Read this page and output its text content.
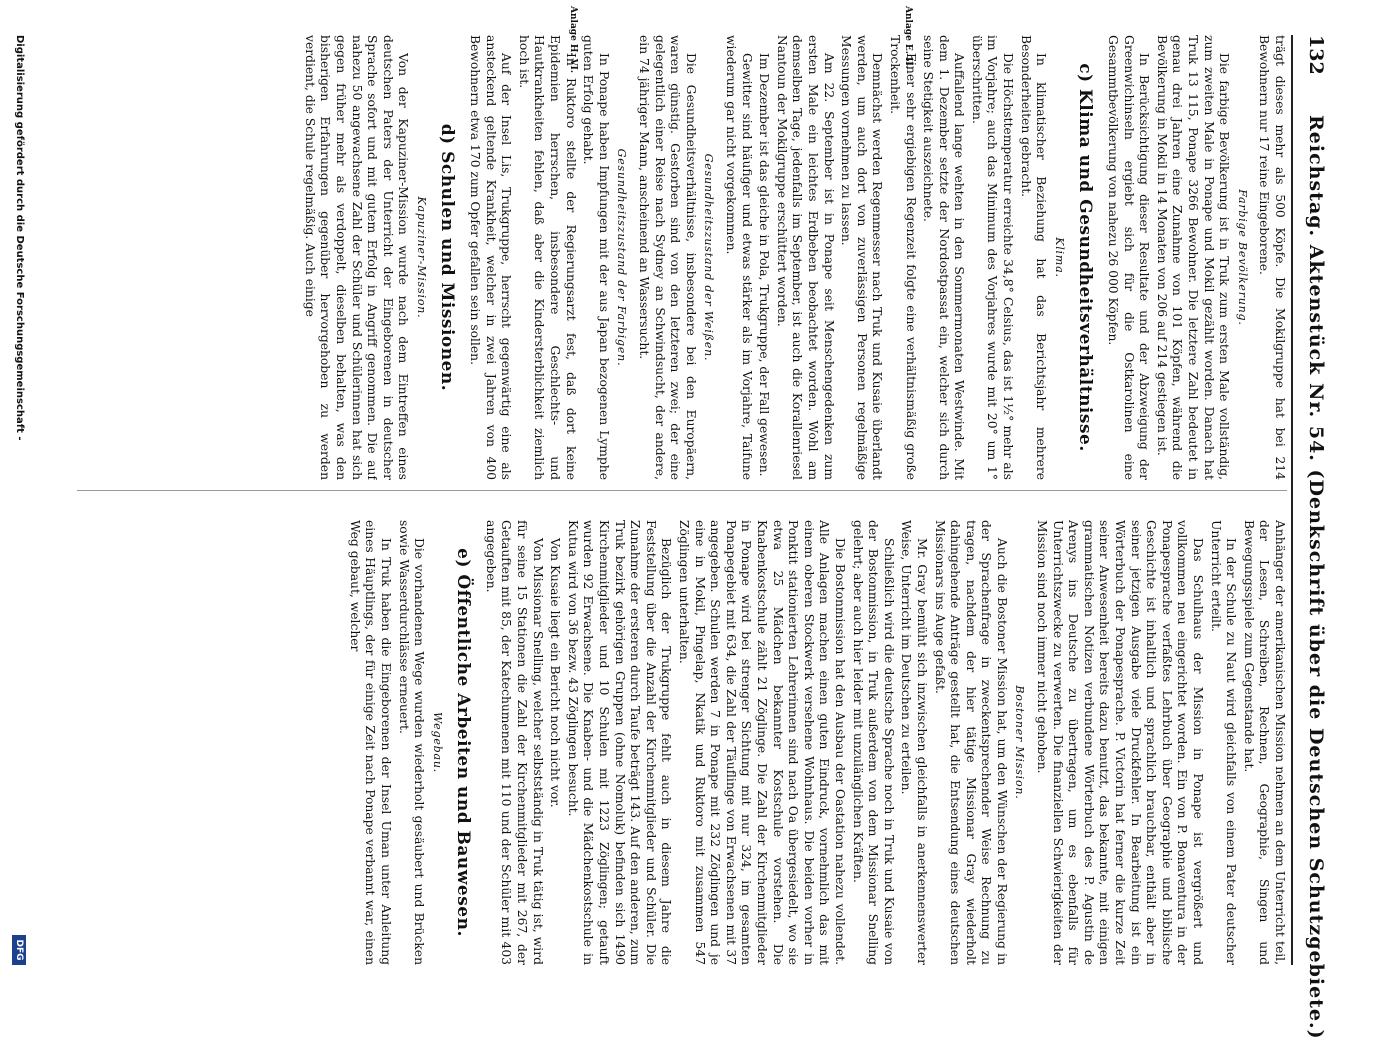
132
Reichstag. Aktenstück Nr. 54. (Denkschrift über die Deutschen Schutzgebiete.)

trägt dieses mehr als 500 Köpfe. Die Mokilgruppe hat bei 214 Bewohnern nur 17 reine Eingeborene.

Farbige Bevölkerung.

Die farbige Bevölkerung ist in Truk zum ersten Male vollständig, zum zweiten Male in Ponape und Mokil gezählt worden. Danach hat Truk 13 115, Ponape 3266 Bewohner. Die letztere Zahl bedeutet in genau drei Jahren eine Zunahme von 101 Köpfen, während die Bevölkerung in Mokil in 14 Monaten von 206 auf 214 gestiegen ist.

In Berücksichtigung dieser Resultate und der Abzweigung der Greenwichinseln ergiebt sich für die Ostkarolinen eine Gesammtbevölkerung von nahezu 26 000 Köpfen.

c) Klima und Gesundheitsverhältnisse.
Klima.

In klimatischer Beziehung hat das Berichtsjahr mehrere Besonderheiten gebracht.

Die Höchsttemperatur erreichte 34,8° Celsius, das ist 1½° mehr als im Vorjahre; auch das Minimum des Vorjahres wurde mit 20° um 1° überschritten.

Auffallend lange wehten in den Sommermonaten Westwinde. Mit dem 1. Dezember setzte der Nordostpassat ein, welcher sich durch seine Stetigkeit auszeichnete.

Einer sehr ergiebigen Regenzeit folgte eine verhältnismäßig große Trockenheit.

Demnächst werden Regenmesser nach Truk und Kusaie überlandt werden, um auch dort von zuverlässigen Personen regelmäßige Messungen vornehmen zu lassen.

Am 22. September ist in Ponape seit Menschengedenken zum ersten Male ein leichtes Erdbeben beobachtet worden. Wohl am demselben Tage, jedenfalls im September, ist auch die Korallenriesel Nantoun der Mokilgruppe erschüttert worden.

Im Dezember ist das gleiche in Pola, Trukgruppe, der Fall gewesen.

Gewitter sind häufiger und etwas stärker als im Vorjahre, Taifune wiederum gar nicht vorgekommen.

Gesundheitszustand der Weißen.

Die Gesundheitsverhältnisse, insbesondere bei den Europäern, waren günstig. Gestorben sind von den letzteren zwei; der eine gelegentlich einer Reise nach Sydney an Schwindsucht, der andere, ein 74 jähriger Mann, anscheinend an Wassersucht.

Gesundheitszustand der Farbigen.

In Ponape haben Impfungen mit der aus Japan bezogenen Lymphe guten Erfolg gehabt.

In Ruktoro stellte der Regierungsarzt fest, daß dort keine Epidemien herrschen, insbesondere Geschlechts- und Hautkrankheiten fehlen, daß aber die Kindersterblichkeit ziemlich hoch ist.

Auf der Insel Lis, Trukgruppe, herrscht gegenwärtig eine als ansteckend geltende Krankheit, welcher in zwei Jahren von 400 Bewohnern etwa 170 zum Opfer gefallen sein sollen.

d) Schulen und Missionen.
Kapuziner-Mission.

Von der Kapuziner-Mission wurde nach dem Eintreffen eines deutschen Paters der Unterricht der Eingeborenen in deutscher Sprache sofort und mit gutem Erfolg in Angriff genommen. Die auf nahezu 50 angewachsene Zahl der Schüler und Schülerinnen hat sich gegen früher mehr als verdoppelt, dieselben behalten, was den bisherigen Erfahrungen gegenüber hervorgehoben zu werden verdient, die Schule regelmäßig. Auch einige

Anhänger der amerikanischen Mission nehmen an dem Unterricht teil, der Lesen, Schreiben, Rechnen, Geographie, Singen und Bewegungsspiele zum Gegenstande hat.

In der Schule zu Naut wird gleichfalls von einem Pater deutscher Unterricht erteilt.

Das Schulhaus der Mission in Ponape ist vergrößert und vollkommen neu eingerichtet worden. Ein von P. Bonaventura in der Ponapesprache verfaßtes Lehrbuch über Geographie und biblische Geschichte ist inhaltlich und sprachlich brauchbar, enthält aber in seiner jetzigen Ausgabe viele Druckfehler. In Bearbeitung ist ein Wörterbuch der Ponapesprache. P. Victorin hat ferner die kurze Zeit seiner Anwesenheit bereits dazu benutzt, das bekannte, mit einigen grammatischen Notizen verbundene Wörterbuch des P. Agustin de Arenys ins Deutsche zu übertragen, um es ebenfalls für Unterrichtszwecke zu verwerten. Die finanziellen Schwierigkeiten der Mission sind noch immer nicht gehoben.

Bostoner Mission.

Auch die Bostoner Mission hat, um den Wünschen der Regierung in der Sprachenfrage in zweckentsprechender Weise Rechnung zu tragen, nachdem der hier tätige Missionar Gray wiederholt dahingehende Anträge gestellt hat, die Entsendung eines deutschen Missionars ins Auge gefaßt.

Mr. Gray bemüht sich inzwischen gleichfalls in anerkennenswerter Weise, Unterricht im Deutschen zu erteilen.

Schließlich wird die deutsche Sprache noch in Truk und Kusaie von der Bostonmission, in Truk außerdem von dem Missionar Snelling gelehrt; aber auch hier leider mit unzulänglichen Kräften.

Die Bostonmission hat den Ausbau der Oastation nahezu vollendet. Alle Anlagen machen einen guten Eindruck, vornehmlich das mit einem oberen Stockwerk versehene Wohnhaus. Die beiden vorher in Ponktit stationierten Lehrerinnen sind nach Oa übergesiedelt, wo sie etwa 25 Mädchen bekannter Kostschule vorstehen. Die Knabenkostschule zählt 21 Zöglinge. Die Zahl der Kirchenmitglieder in Ponape wird bei strenger Sichtung mit nur 324, im gesamten Ponapegebiet mit 634, die Zahl der Täuflinge von Erwachsenen mit 37 angegeben. Schulen werden 7 in Ponape mit 232 Zöglingen und je eine in Mokil, Pingelap, Nkatik und Ruktoro mit zusammen 547 Zöglingen unterhalten.

Bezüglich der Trukgruppe fehlt auch in diesem Jahre die Feststellung über die Anzahl der Kirchenmitglieder und Schüler. Die Zunahme der ersteren durch Taufe beträgt 143. Auf den anderen, zum Truk bezirk gehörigen Gruppen (ohne Nomoluk) befinden sich 1490 Kirchenmitglieder und 10 Schulen mit 1223 Zöglingen; getauft wurden 92 Erwachsene. Die Knaben- und die Mädchenkostschule in Kutua wird von 36 bezw. 43 Zöglingen besucht.

Von Kusaie liegt ein Bericht noch nicht vor.

Von Missionar Snelling, welcher selbstständig in Truk tätig ist, wird für seine 15 Stationen die Zahl der Kirchenmitglieder mit 267, der Getauften mit 85, der Katechumenen mit 110 und der Schüler mit 403 angegeben.

e) Öffentliche Arbeiten und Bauwesen.
Wegebau.

Die vorhandenen Wege wurden wiederholt gesäubert und Brücken sowie Wasserdurchlässe erneuert.

In Truk haben die Eingeborenen der Insel Uman unter Anleitung eines Häuptlings, der für einige Zeit nach Ponape verbannt war, einen Weg gebaut, welcher

Anlage E. II.
Anlage H. VI.
Digitalisierung gefördert durch die Deutsche Forschungsgemeinschaft -
DFG
